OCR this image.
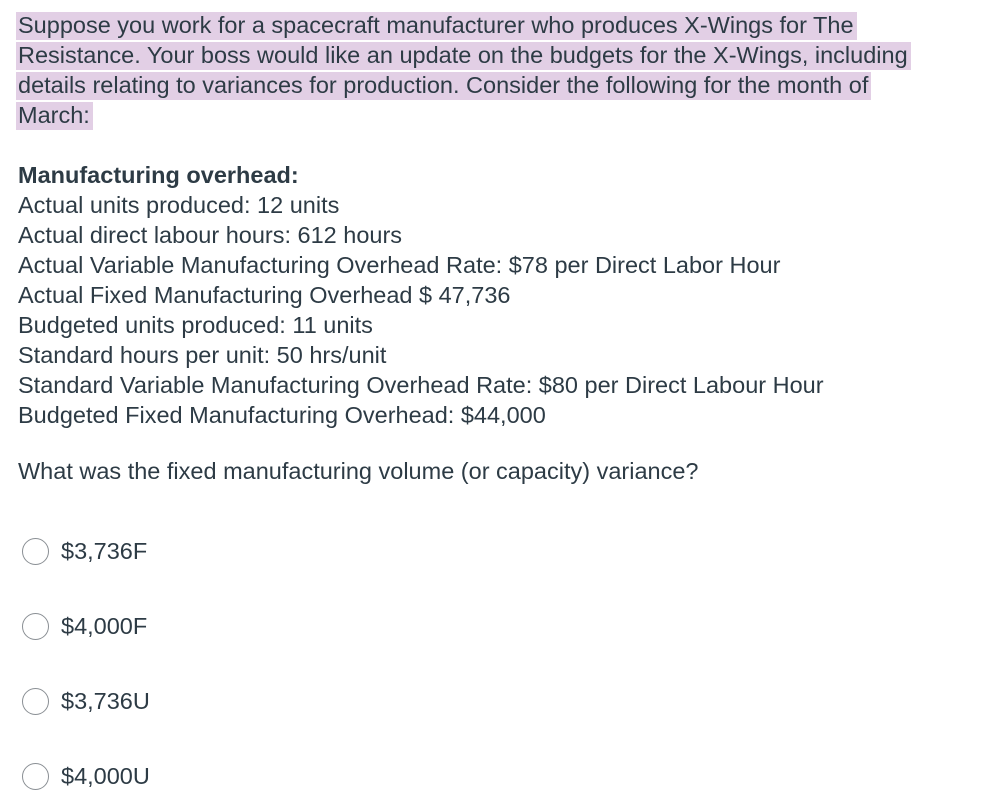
Suppose you work for a spacecraft manufacturer who produces X-Wings for The
Resistance. Your boss would like an update on the budgets for the X-Wings, including
details relating to variances for production. Consider the following for the month of
March:
Manufacturing overhead:
Actual units produced: 12 units
Actual direct labour hours: 612 hours
Actual Variable Manufacturing Overhead Rate: $78 per Direct Labor Hour
Actual Fixed Manufacturing Overhead $ 47,736
Budgeted units produced: 11 units
Standard hours per unit: 50 hrs/unit
Standard Variable Manufacturing Overhead Rate: $80 per Direct Labour Hour
Budgeted Fixed Manufacturing Overhead: $44,000
What was the fixed manufacturing volume (or capacity) variance?
$3,736F
$4,000F
$3,736U
$4,000U
